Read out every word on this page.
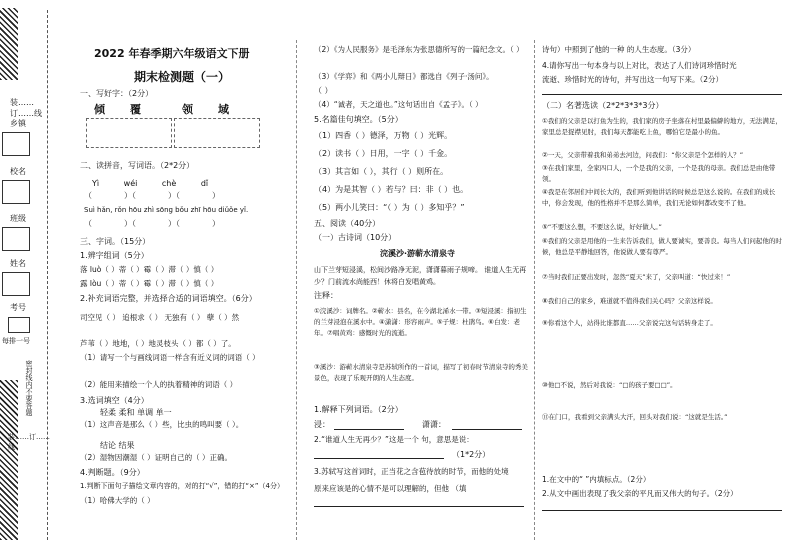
装……订……线
乡镇
校名
班级
姓名
考号
每排一号
密封线内不要答题
装……订……线
2022 年春季期六年级语文下册
期末检测题（一）
一、写好字：（2分）
倾 覆	领 域
二、读拼音，写词语。（2*2分）
Yì wéi chè dǐ
（　　　　）（　　　　）（　　　　）
Suì hǎn, rǒn hōu zhì sōng bǒu zhī hōu diǔǒe yǐ.
（　　　　）（　　　　）（　　　　）
三、字词。（15分）
1.辨字组词（5分）
落 luò（ ）蒂（ ）霉（ ）滞（ ）慎（ ）
露 lòu（ ）蒂（ ）霉（ ）滞（ ）慎（ ）
2.补充词语完整，并选择合适的词语填空。（6分）
司空见（ ） 追根求（ ） 无独有（ ） 孽（ ）然
芦苇（ ）地地，（ ）地灵枝头（ ）都（ ）了。
（1）请写一个与画线词语一样含有近义词的词语（ ）
（2）能用来描绘一个人的执着精神的词语（ ）
3.选词填空（4分）
轻柔 柔和 单调 单一
（1）这声音是那么（ ）些，比虫的鸣叫要（ ）。
结论 结果
（2）湿物因潮湿（ ）证明自己的（ ）正确。
4.判断题。（9分）
1.判断下面句子描绘文章内容的，对的打“√”，错的打“×”（4分）
（1）哈佛大学的（ ）
（2）《为人民服务》是毛泽东为张思德所写的一篇纪念文。（ ）
（3）《学弈》和《两小儿辩日》都选自《列子·汤问》。
（ ）
（4）“诚者，天之道也。”这句话出自《孟子》。（ ）
5.名篇佳句填空。（5分）
（1）四香（ ）德泽，万物（ ）光辉。
（2）读书（ ）日用，一字（ ）千金。
（3）其言如（ ），其行（ ）则所在。
（4）为是其智（ ）若与？曰：非（ ）也。
（5）两小儿笑曰：“（ ）为（ ）多知乎？”
五、阅读（40分）
（一）古诗词（10分）
浣溪沙·游蕲水清泉寺
山下兰芽短浸溪，松间沙路净无泥，潇潇暮雨子规啼。 谁道人生无再少？门前流水尚能西！休将白发唱黄鸡。
注释：
①浣溪沙：词牌名。②蕲水：县名，在今湖北浠水一带。③短浸溪：指初生的兰芽浸泡在溪水中。④潇潇：形容雨声。⑤子规：杜鹃鸟。⑥白发：老年。⑦唱黄鸡：感慨时光的流逝。
③溪沙：游蕲水清泉寺是苏轼所作的一首词，描写了初春时节清泉寺的秀美景色，表现了乐观开朗的人生态度。
1.解释下列词语。（2分）
浸：	潇潇：
2.“谁道人生无再少？”这是一个 句，意思是说：
（1*2分）
3.苏轼写这首词时，正当花之含苞待放的时节，而他的处境
原来应该是的心情不是可以理解的，但他 （填
诗句）中照到了他的一种 的人生态度。（3分）
4.请你写出一句本身与以上对比，表达了人们诗词珍惜时光
流逝、珍惜时光的诗句，并写出这一句写下来。（2分）
（二）名著选读（2*2*3*3*3分）
①我们的父亲是以打鱼为生的，我们家的房子坐落在村里最偏僻的地方，无法满足，家里总是捉襟见肘，我们每天都能吃上鱼，哪怕它是最小的鱼。
②一天，父亲带着我和弟弟去河边，问我们：“你父亲是个怎样的人？”
③在我们家里，全家四口人，一个是我的父亲，一个是我的母亲。我们总是由他带领。
④我是在邻居们中间长大的，我们听到他讲话的时候总是这么说的。在我们的成长中，你会发现，他的性格并不是那么简单，我们无论如何都改变不了他。
⑤“不要这么想，不要这么说，好好做人。”
⑥我们的父亲是用他的一生来告诉我们，做人要诚实，要善良。每当人们问起他的时候，他总是平静地回答，他说做人要有尊严。
⑦当时我们正要出发时，忽然“夏天”来了，父亲叫道：“快过来！”
⑧我们自己的家乡，难道就不值得我们关心吗？父亲这样说。
⑨你看这个人，站得比谁都直……父亲说完这句话转身走了。
⑩他□不说，然后对我说：“□的孩子要□□”。
⑪在门口，我看到父亲满头大汗，回头对我们说：“这就是生活。”
1.在文中的“ ”内填标点。（2分）
2.从文中画出表现了我父亲的平凡而又伟大的句子。（2分）
